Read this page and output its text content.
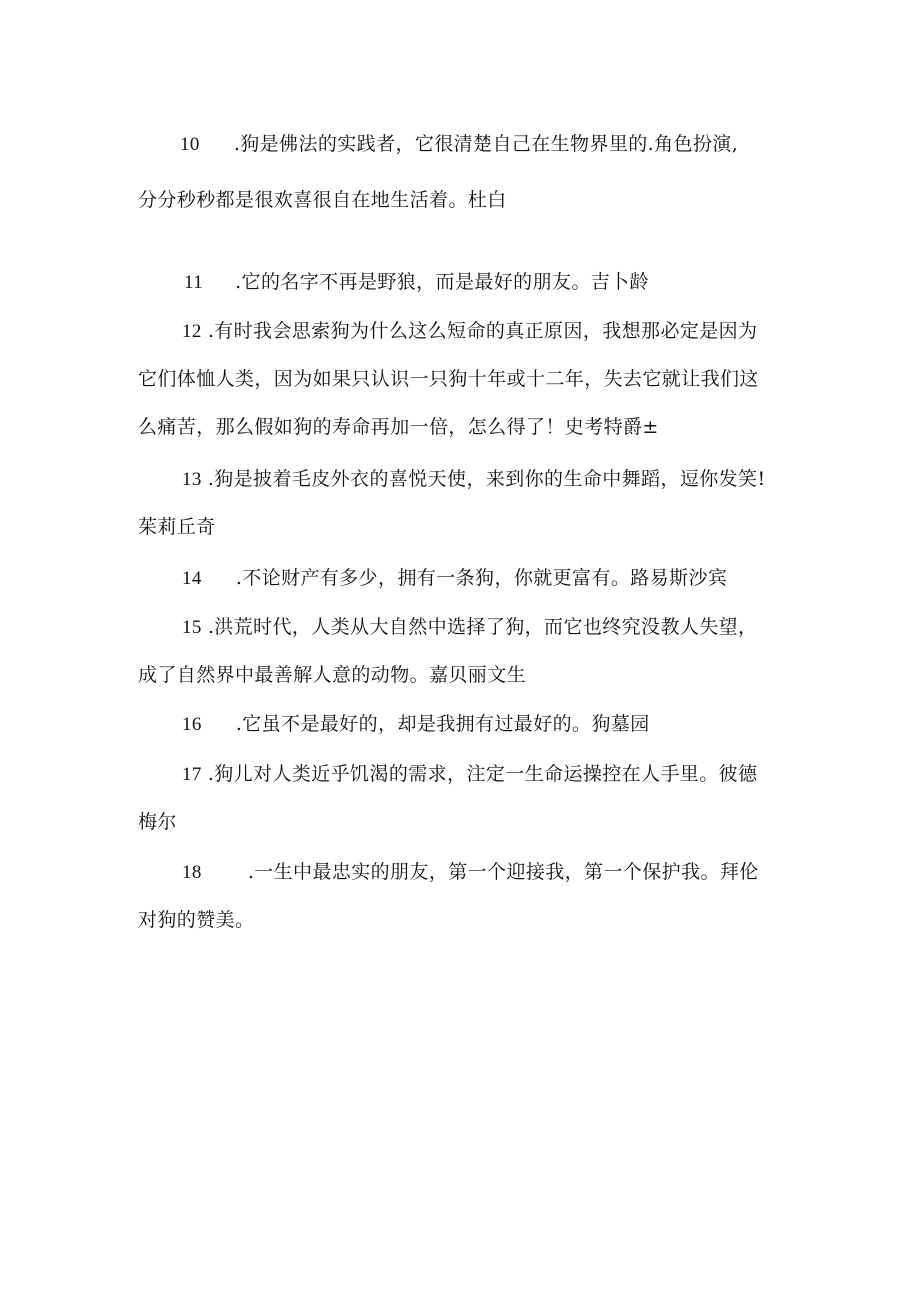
10 .狗是佛法的实践者，它很清楚自己在生物界里的.角色扮演,
分分秒秒都是很欢喜很自在地生活着。杜白
11 .它的名字不再是野狼，而是最好的朋友。吉卜龄
12 .有时我会思索狗为什么这么短命的真正原因，我想那必定是因为
它们体恤人类，因为如果只认识一只狗十年或十二年，失去它就让我们这
么痛苦，那么假如狗的寿命再加一倍，怎么得了！史考特爵±
13 .狗是披着毛皮外衣的喜悦天使，来到你的生命中舞蹈，逗你发笑!
茱莉丘奇
14 .不论财产有多少，拥有一条狗，你就更富有。路易斯沙宾
15 .洪荒时代，人类从大自然中选择了狗，而它也终究没教人失望，
成了自然界中最善解人意的动物。嘉贝丽文生
16 .它虽不是最好的，却是我拥有过最好的。狗墓园
17 .狗儿对人类近乎饥渴的需求，注定一生命运操控在人手里。彼德
梅尔
18 .一生中最忠实的朋友，第一个迎接我，第一个保护我。拜伦
对狗的赞美。
